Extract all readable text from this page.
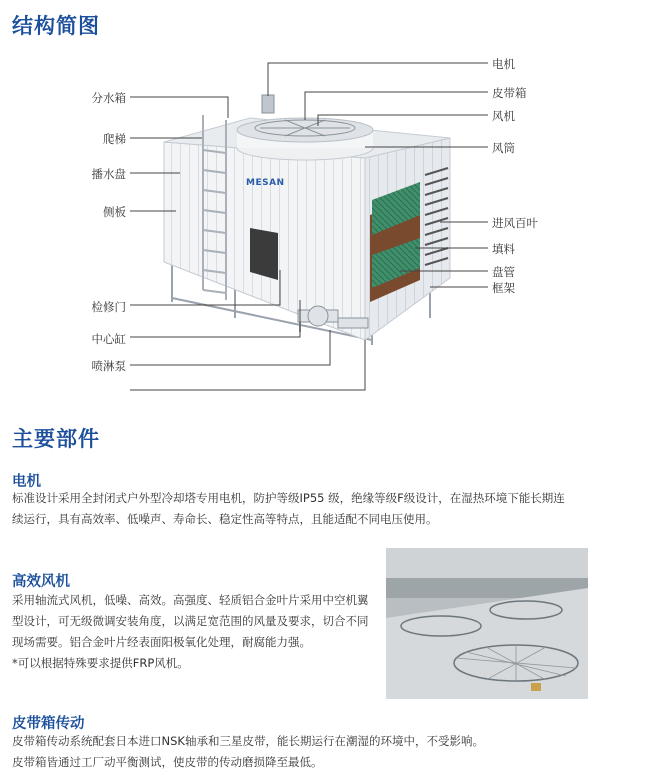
结构简图
分水箱
爬梯
播水盘
侧板
检修门
中心缸
喷淋泵
电机
皮带箱
风机
风筒
进风百叶
填料
盘管
框架
主要部件
电机

标准设计采用全封闭式户外型冷却塔专用电机，防护等级IP55 级，绝缘等级F级设计，在湿热环境下能长期连
续运行，具有高效率、低噪声、寿命长、稳定性高等特点，且能适配不同电压使用。

高效风机

采用轴流式风机，低噪、高效。高强度、轻质铝合金叶片采用中空机翼
型设计，可无级微调安装角度，以满足宽范围的风量及要求，切合不同
现场需要。铝合金叶片经表面阳极氧化处理，耐腐能力强。
*可以根据特殊要求提供FRP风机。

皮带箱传动

皮带箱传动系统配套日本进口NSK轴承和三星皮带，能长期运行在潮湿的环境中，不受影响。
皮带箱皆通过工厂动平衡测试，使皮带的传动磨损降至最低。

MESAN
